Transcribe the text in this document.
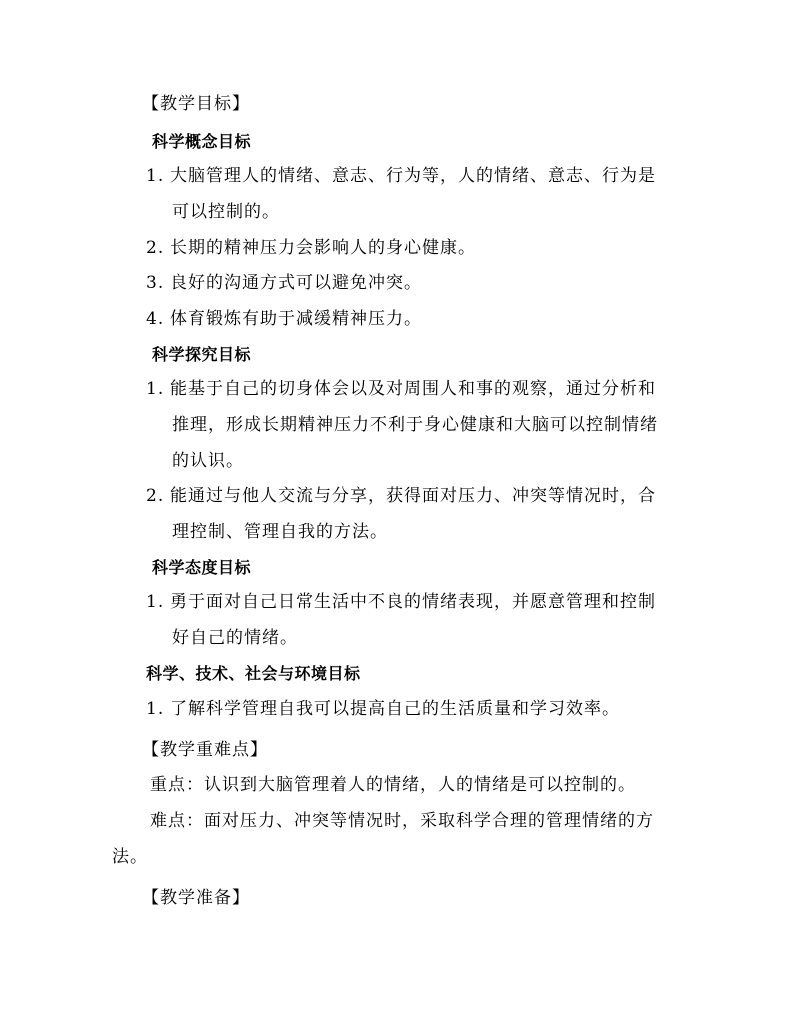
【教学目标】
科学概念目标
1. 大脑管理人的情绪、意志、行为等，人的情绪、意志、行为是
可以控制的。
2. 长期的精神压力会影响人的身心健康。
3. 良好的沟通方式可以避免冲突。
4. 体育锻炼有助于减缓精神压力。
科学探究目标
1. 能基于自己的切身体会以及对周围人和事的观察，通过分析和
推理，形成长期精神压力不利于身心健康和大脑可以控制情绪
的认识。
2. 能通过与他人交流与分享，获得面对压力、冲突等情况时，合
理控制、管理自我的方法。
科学态度目标
1. 勇于面对自己日常生活中不良的情绪表现，并愿意管理和控制
好自己的情绪。
科学、技术、社会与环境目标
1. 了解科学管理自我可以提高自己的生活质量和学习效率。
【教学重难点】
重点：认识到大脑管理着人的情绪，人的情绪是可以控制的。
难点：面对压力、冲突等情况时，采取科学合理的管理情绪的方
法。
【教学准备】
